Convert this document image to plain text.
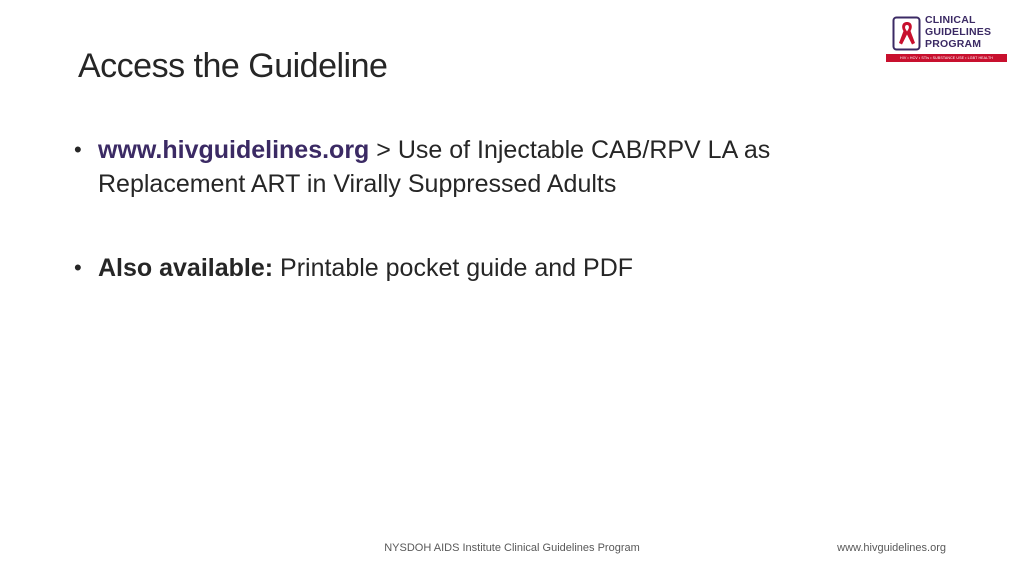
Access the Guideline
CLINICAL
GUIDELINES
PROGRAM
HIV • HCV • STIs • SUBSTANCE USE • LGBT HEALTH
• www.hivguidelines.org > Use of Injectable CAB/RPV LA as Replacement ART in Virally Suppressed Adults
• Also available: Printable pocket guide and PDF
NYSDOH AIDS Institute Clinical Guidelines Program	www.hivguidelines.org
